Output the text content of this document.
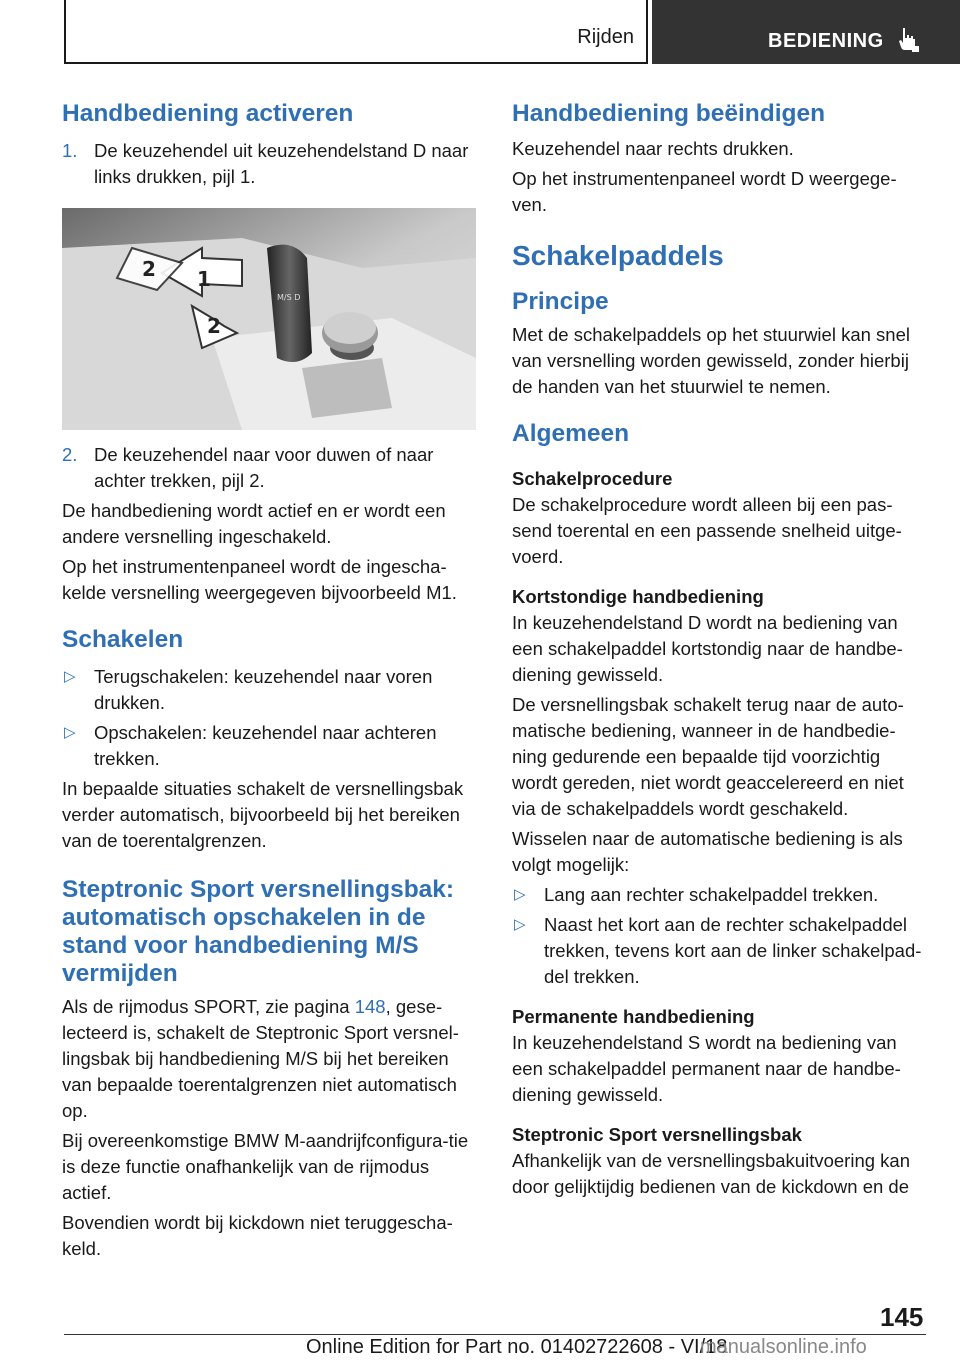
Rijden	BEDIENING
Handbediening activeren
1. De keuzehendel uit keuzehendelstand D naar links drukken, pijl 1.

M/S D
1
2
2
2. De keuzehendel naar voor duwen of naar achter trekken, pijl 2.

De handbediening wordt actief en er wordt een andere versnelling ingeschakeld.

Op het instrumentenpaneel wordt de ingescha-kelde versnelling weergegeven bijvoorbeeld M1.

Schakelen
▷ Terugschakelen: keuzehendel naar voren drukken.

▷ Opschakelen: keuzehendel naar achteren trekken.

In bepaalde situaties schakelt de versnellingsbak verder automatisch, bijvoorbeeld bij het bereiken van de toerentalgrenzen.

Steptronic Sport versnellingsbak: automatisch opschakelen in de stand voor handbediening M/S vermijden

Als de rijmodus SPORT, zie pagina 148, gese-lecteerd is, schakelt de Steptronic Sport versnel-lingsbak bij handbediening M/S bij het bereiken van bepaalde toerentalgrenzen niet automatisch op.

Bij overeenkomstige BMW M-aandrijfconfigura-tie is deze functie onafhankelijk van de rijmodus actief.

Bovendien wordt bij kickdown niet teruggescha-keld.

Handbediening beëindigen

Keuzehendel naar rechts drukken.

Op het instrumentenpaneel wordt D weergege-ven.

Schakelpaddels
Principe

Met de schakelpaddels op het stuurwiel kan snel van versnelling worden gewisseld, zonder hierbij de handen van het stuurwiel te nemen.

Algemeen
Schakelprocedure

De schakelprocedure wordt alleen bij een pas-send toerental en een passende snelheid uitge-voerd.

Kortstondige handbediening

In keuzehendelstand D wordt na bediening van een schakelpaddel kortstondig naar de handbe-diening gewisseld.

De versnellingsbak schakelt terug naar de auto-matische bediening, wanneer in de handbedie-ning gedurende een bepaalde tijd voorzichtig wordt gereden, niet wordt geaccelereerd en niet via de schakelpaddels wordt geschakeld.

Wisselen naar de automatische bediening is als volgt mogelijk:

▷ Lang aan rechter schakelpaddel trekken.

▷ Naast het kort aan de rechter schakelpaddel trekken, tevens kort aan de linker schakelpad-del trekken.

Permanente handbediening

In keuzehendelstand S wordt na bediening van een schakelpaddel permanent naar de handbe-diening gewisseld.

Steptronic Sport versnellingsbak

Afhankelijk van de versnellingsbakuitvoering kan door gelijktijdig bedienen van de kickdown en de

145
Online Edition for Part no. 01402722608 - VI/18
manualsonline.info
